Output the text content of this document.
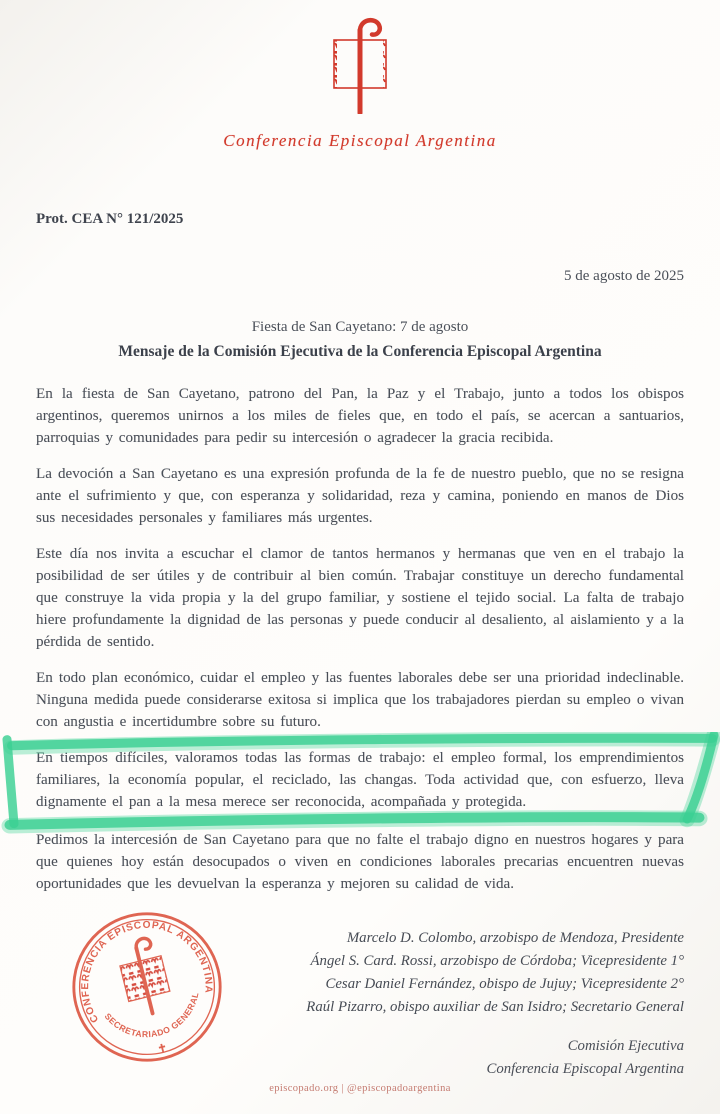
Conferencia Episcopal Argentina
Prot. CEA N° 121/2025
5 de agosto de 2025
Fiesta de San Cayetano: 7 de agosto
Mensaje de la Comisión Ejecutiva de la Conferencia Episcopal Argentina

En la fiesta de San Cayetano, patrono del Pan, la Paz y el Trabajo, junto a todos los obispos argentinos, queremos unirnos a los miles de fieles que, en todo el país, se acercan a santuarios, parroquias y comunidades para pedir su intercesión o agradecer la gracia recibida.

La devoción a San Cayetano es una expresión profunda de la fe de nuestro pueblo, que no se resigna ante el sufrimiento y que, con esperanza y solidaridad, reza y camina, poniendo en manos de Dios sus necesidades personales y familiares más urgentes.

Este día nos invita a escuchar el clamor de tantos hermanos y hermanas que ven en el trabajo la posibilidad de ser útiles y de contribuir al bien común. Trabajar constituye un derecho fundamental que construye la vida propia y la del grupo familiar, y sostiene el tejido social. La falta de trabajo hiere profundamente la dignidad de las personas y puede conducir al desaliento, al aislamiento y a la pérdida de sentido.

En todo plan económico, cuidar el empleo y las fuentes laborales debe ser una prioridad indeclinable. Ninguna medida puede considerarse exitosa si implica que los trabajadores pierdan su empleo o vivan con angustia e incertidumbre sobre su futuro.

En tiempos difíciles, valoramos todas las formas de trabajo: el empleo formal, los emprendimientos familiares, la economía popular, el reciclado, las changas. Toda actividad que, con esfuerzo, lleva dignamente el pan a la mesa merece ser reconocida, acompañada y protegida.

Pedimos la intercesión de San Cayetano para que no falte el trabajo digno en nuestros hogares y para que quienes hoy están desocupados o viven en condiciones laborales precarias encuentren nuevas oportunidades que les devuelvan la esperanza y mejoren su calidad de vida.

Marcelo D. Colombo, arzobispo de Mendoza, Presidente
Ángel S. Card. Rossi, arzobispo de Córdoba; Vicepresidente 1°
Cesar Daniel Fernández, obispo de Jujuy; Vicepresidente 2°
Raúl Pizarro, obispo auxiliar de San Isidro; Secretario General
Comisión Ejecutiva
Conferencia Episcopal Argentina
CONFERENCIA EPISCOPAL ARGENTINA
SECRETARIADO GENERAL
✝
episcopado.org | @episcopadoargentina
